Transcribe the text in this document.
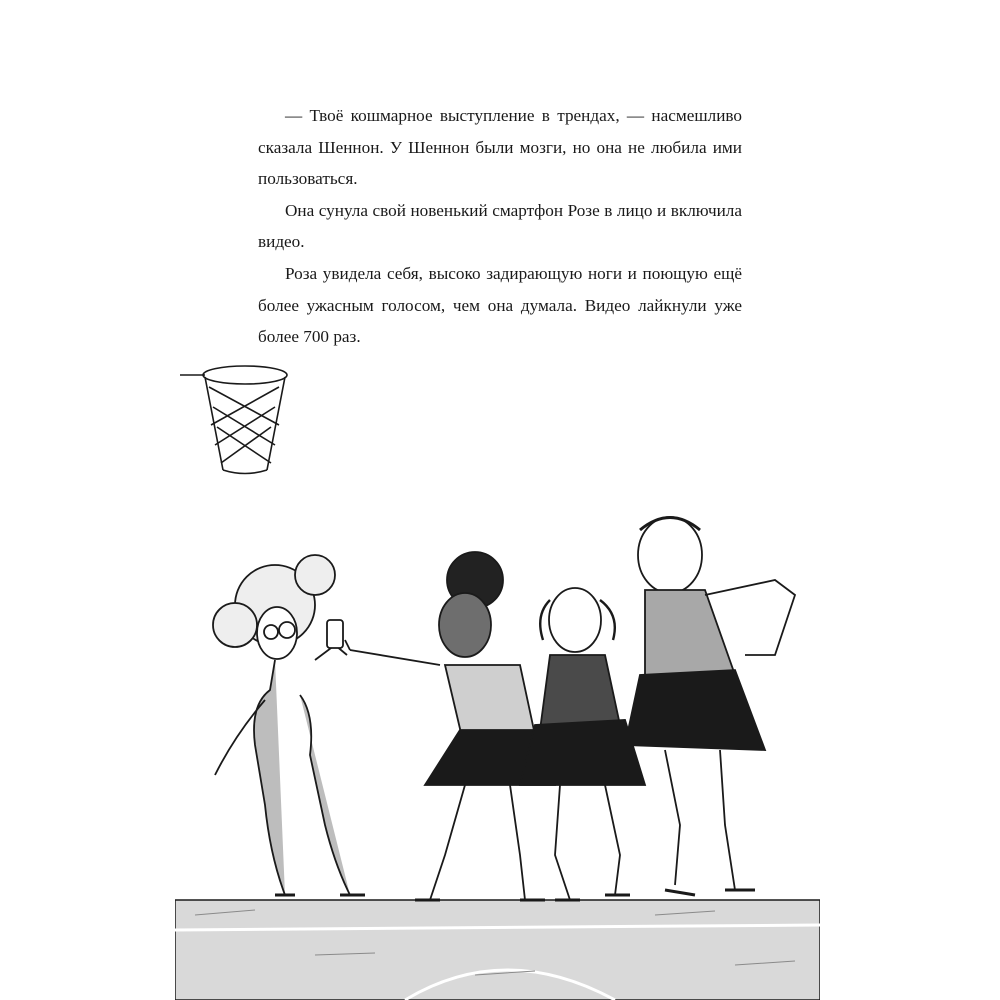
— Твоё кошмарное выступление в трендах, — насмешливо сказала Шеннон. У Шеннон были мозги, но она не любила ими пользоваться.

Она сунула свой новенький смартфон Розе в лицо и включила видео.

Роза увидела себя, высоко задирающую ноги и поющую ещё более ужасным голосом, чем она думала. Видео лайкнули уже более 700 раз.
